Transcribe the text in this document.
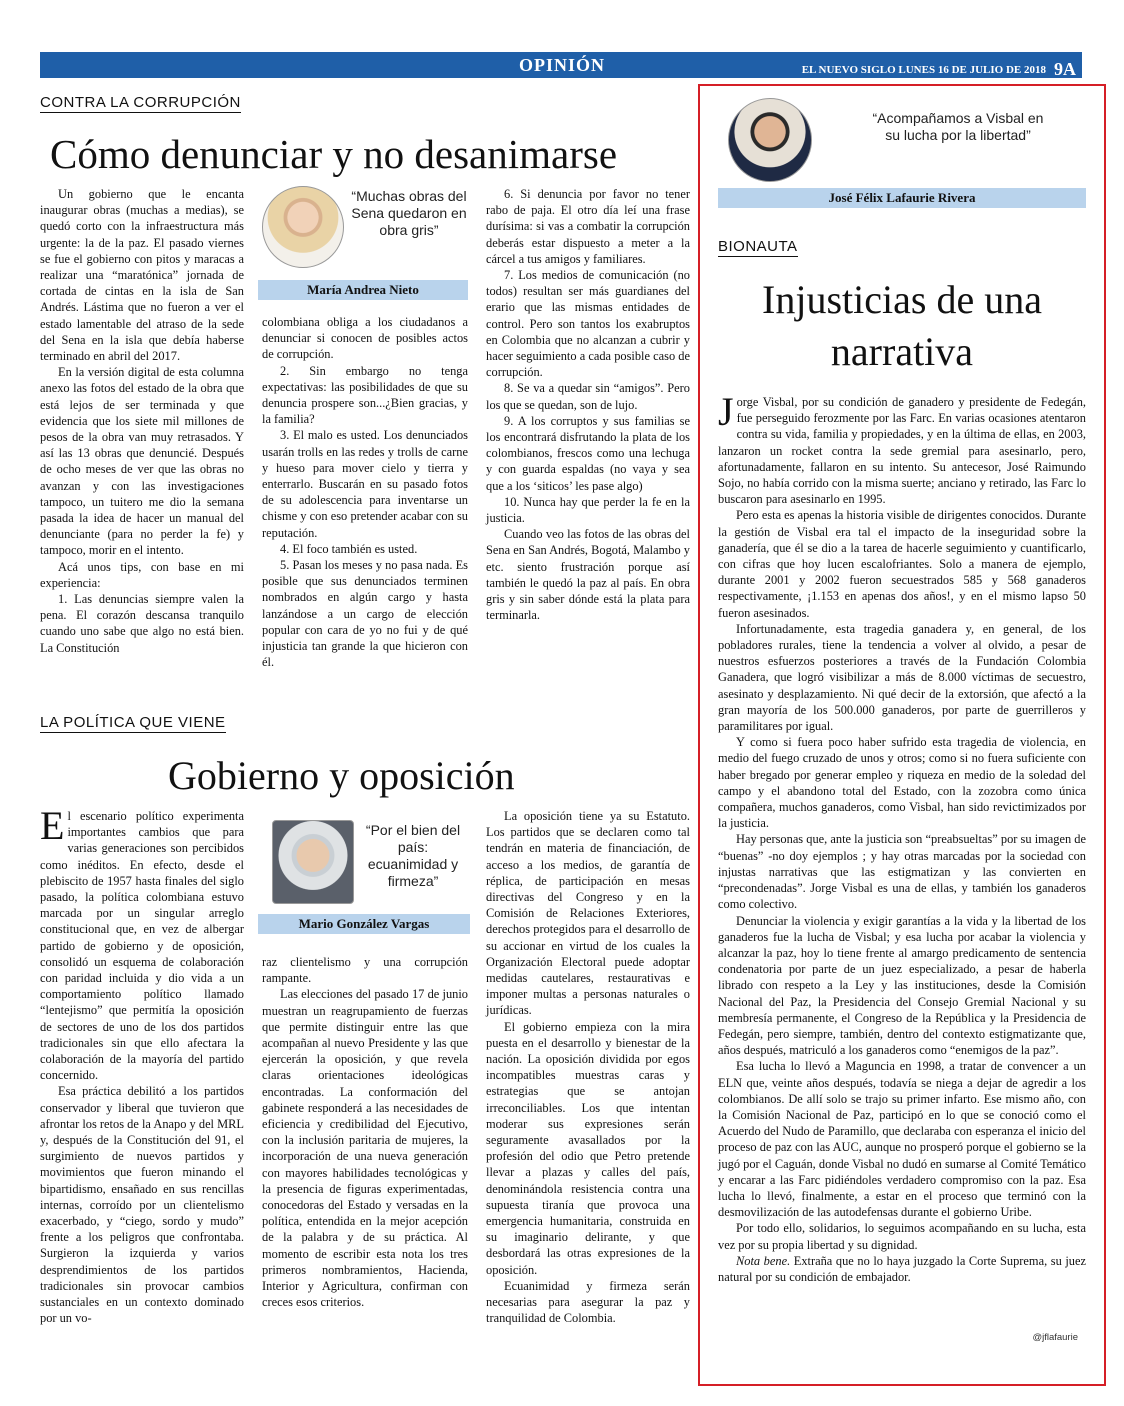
OPINIÓN	EL NUEVO SIGLO LUNES 16 DE JULIO DE 2018 9A
CONTRA LA CORRUPCIÓN
Cómo denunciar y no desanimarse

Un gobierno que le encanta inaugurar obras (muchas a medias), se quedó corto con la infraestructura más urgente: la de la paz. El pasado viernes se fue el gobierno con pitos y maracas a realizar una “maratónica” jornada de cortada de cintas en la isla de San Andrés. Lástima que no fueron a ver el estado lamentable del atraso de la sede del Sena en la isla que debía haberse terminado en abril del 2017.

En la versión digital de esta columna anexo las fotos del estado de la obra que está lejos de ser terminada y que evidencia que los siete mil millones de pesos de la obra van muy retrasados. Y así las 13 obras que denuncié. Después de ocho meses de ver que las obras no avanzan y con las investigaciones tampoco, un tuitero me dio la semana pasada la idea de hacer un manual del denunciante (para no perder la fe) y tampoco, morir en el intento.

Acá unos tips, con base en mi experiencia:

1. Las denuncias siempre valen la pena. El corazón descansa tranquilo cuando uno sabe que algo no está bien. La Constitución

“Muchas obras del Sena quedaron en obra gris”
María Andrea Nieto

colombiana obliga a los ciudadanos a denunciar si conocen de posibles actos de corrupción.

2. Sin embargo no tenga expectativas: las posibilidades de que su denuncia prospere son...¿Bien gracias, y la familia?

3. El malo es usted. Los denunciados usarán trolls en las redes y trolls de carne y hueso para mover cielo y tierra y enterrarlo. Buscarán en su pasado fotos de su adolescencia para inventarse un chisme y con eso pretender acabar con su reputación.

4. El foco también es usted.

5. Pasan los meses y no pasa nada. Es posible que sus denunciados terminen nombrados en algún cargo y hasta lanzándose a un cargo de elección popular con cara de yo no fui y de qué injusticia tan grande la que hicieron con él.

6. Si denuncia por favor no tener rabo de paja. El otro día leí una frase durísima: si vas a combatir la corrupción deberás estar dispuesto a meter a la cárcel a tus amigos y familiares.

7. Los medios de comunicación (no todos) resultan ser más guardianes del erario que las mismas entidades de control. Pero son tantos los exabruptos en Colombia que no alcanzan a cubrir y hacer seguimiento a cada posible caso de corrupción.

8. Se va a quedar sin “amigos”. Pero los que se quedan, son de lujo.

9. A los corruptos y sus familias se los encontrará disfrutando la plata de los colombianos, frescos como una lechuga y con guarda espaldas (no vaya y sea que a los ‘siticos’ les pase algo)

10. Nunca hay que perder la fe en la justicia.

Cuando veo las fotos de las obras del Sena en San Andrés, Bogotá, Malambo y etc. siento frustración porque así también le quedó la paz al país. En obra gris y sin saber dónde está la plata para terminarla.

LA POLÍTICA QUE VIENE
Gobierno y oposición

El escenario político experimenta importantes cambios que para varias generaciones son percibidos como inéditos. En efecto, desde el plebiscito de 1957 hasta finales del siglo pasado, la política colombiana estuvo marcada por un singular arreglo constitucional que, en vez de albergar partido de gobierno y de oposición, consolidó un esquema de colaboración con paridad incluida y dio vida a un comportamiento político llamado “lentejismo” que permitía la oposición de sectores de uno de los dos partidos tradicionales sin que ello afectara la colaboración de la mayoría del partido concernido.

Esa práctica debilitó a los partidos conservador y liberal que tuvieron que afrontar los retos de la Anapo y del MRL y, después de la Constitución del 91, el surgimiento de nuevos partidos y movimientos que fueron minando el bipartidismo, ensañado en sus rencillas internas, corroído por un clientelismo exacerbado, y “ciego, sordo y mudo” frente a los peligros que confrontaba. Surgieron la izquierda y varios desprendimientos de los partidos tradicionales sin provocar cambios sustanciales en un contexto dominado por un vo-

“Por el bien del país: ecuanimidad y firmeza”
Mario González Vargas

raz clientelismo y una corrupción rampante.

Las elecciones del pasado 17 de junio muestran un reagrupamiento de fuerzas que permite distinguir entre las que acompañan al nuevo Presidente y las que ejercerán la oposición, y que revela claras orientaciones ideológicas encontradas. La conformación del gabinete responderá a las necesidades de eficiencia y credibilidad del Ejecutivo, con la inclusión paritaria de mujeres, la incorporación de una nueva generación con mayores habilidades tecnológicas y la presencia de figuras experimentadas, conocedoras del Estado y versadas en la política, entendida en la mejor acepción de la palabra y de su práctica. Al momento de escribir esta nota los tres primeros nombramientos, Hacienda, Interior y Agricultura, confirman con creces esos criterios.

La oposición tiene ya su Estatuto. Los partidos que se declaren como tal tendrán en materia de financiación, de acceso a los medios, de garantía de réplica, de participación en mesas directivas del Congreso y en la Comisión de Relaciones Exteriores, derechos protegidos para el desarrollo de su accionar en virtud de los cuales la Organización Electoral puede adoptar medidas cautelares, restaurativas e imponer multas a personas naturales o jurídicas.

El gobierno empieza con la mira puesta en el desarrollo y bienestar de la nación. La oposición dividida por egos incompatibles muestras caras y estrategias que se antojan irreconciliables. Los que intentan moderar sus expresiones serán seguramente avasallados por la profesión del odio que Petro pretende llevar a plazas y calles del país, denominándola resistencia contra una supuesta tiranía que provoca una emergencia humanitaria, construida en su imaginario delirante, y que desbordará las otras expresiones de la oposición.

Ecuanimidad y firmeza serán necesarias para asegurar la paz y tranquilidad de Colombia.

“Acompañamos a Visbal en su lucha por la libertad”
José Félix Lafaurie Rivera
BIONAUTA
Injusticias de una
narrativa

Jorge Visbal, por su condición de ganadero y presidente de Fedegán, fue perseguido ferozmente por las Farc. En varias ocasiones atentaron contra su vida, familia y propiedades, y en la última de ellas, en 2003, lanzaron un rocket contra la sede gremial para asesinarlo, pero, afortunadamente, fallaron en su intento. Su antecesor, José Raimundo Sojo, no había corrido con la misma suerte; anciano y retirado, las Farc lo buscaron para asesinarlo en 1995.

Pero esta es apenas la historia visible de dirigentes conocidos. Durante la gestión de Visbal era tal el impacto de la inseguridad sobre la ganadería, que él se dio a la tarea de hacerle seguimiento y cuantificarlo, con cifras que hoy lucen escalofriantes. Solo a manera de ejemplo, durante 2001 y 2002 fueron secuestrados 585 y 568 ganaderos respectivamente, ¡1.153 en apenas dos años!, y en el mismo lapso 50 fueron asesinados.

Infortunadamente, esta tragedia ganadera y, en general, de los pobladores rurales, tiene la tendencia a volver al olvido, a pesar de nuestros esfuerzos posteriores a través de la Fundación Colombia Ganadera, que logró visibilizar a más de 8.000 víctimas de secuestro, asesinato y desplazamiento. Ni qué decir de la extorsión, que afectó a la gran mayoría de los 500.000 ganaderos, por parte de guerrilleros y paramilitares por igual.

Y como si fuera poco haber sufrido esta tragedia de violencia, en medio del fuego cruzado de unos y otros; como si no fuera suficiente con haber bregado por generar empleo y riqueza en medio de la soledad del campo y el abandono total del Estado, con la zozobra como única compañera, muchos ganaderos, como Visbal, han sido revictimizados por la justicia.

Hay personas que, ante la justicia son “preabsueltas” por su imagen de “buenas” -no doy ejemplos ; y hay otras marcadas por la sociedad con injustas narrativas que las estigmatizan y las convierten en “precondenadas”. Jorge Visbal es una de ellas, y también los ganaderos como colectivo.

Denunciar la violencia y exigir garantías a la vida y la libertad de los ganaderos fue la lucha de Visbal; y esa lucha por acabar la violencia y alcanzar la paz, hoy lo tiene frente al amargo predicamento de sentencia condenatoria por parte de un juez especializado, a pesar de haberla librado con respeto a la Ley y las instituciones, desde la Comisión Nacional del Paz, la Presidencia del Consejo Gremial Nacional y su membresía permanente, el Congreso de la República y la Presidencia de Fedegán, pero siempre, también, dentro del contexto estigmatizante que, años después, matriculó a los ganaderos como “enemigos de la paz”.

Esa lucha lo llevó a Maguncia en 1998, a tratar de convencer a un ELN que, veinte años después, todavía se niega a dejar de agredir a los colombianos. De allí solo se trajo su primer infarto. Ese mismo año, con la Comisión Nacional de Paz, participó en lo que se conoció como el Acuerdo del Nudo de Paramillo, que declaraba con esperanza el inicio del proceso de paz con las AUC, aunque no prosperó porque el gobierno se la jugó por el Caguán, donde Visbal no dudó en sumarse al Comité Temático y encarar a las Farc pidiéndoles verdadero compromiso con la paz. Esa lucha lo llevó, finalmente, a estar en el proceso que terminó con la desmovilización de las autodefensas durante el gobierno Uribe.

Por todo ello, solidarios, lo seguimos acompañando en su lucha, esta vez por su propia libertad y su dignidad.

Nota bene. Extraña que no lo haya juzgado la Corte Suprema, su juez natural por su condición de embajador.

@jflafaurie
